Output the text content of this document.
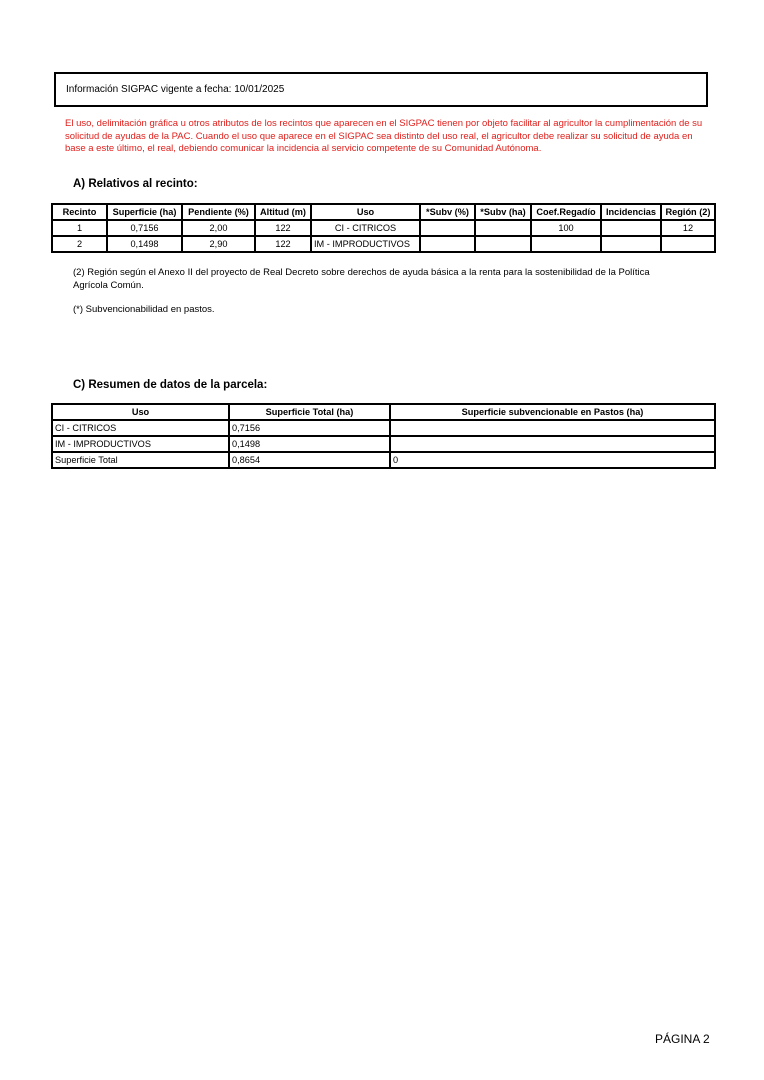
Información SIGPAC vigente a fecha: 10/01/2025
El uso, delimitación gráfica u otros atributos de los recintos que aparecen en el SIGPAC tienen por objeto facilitar al agricultor la cumplimentación de su solicitud de ayudas de la PAC. Cuando el uso que aparece en el SIGPAC sea distinto del uso real, el agricultor debe realizar su solicitud de ayuda en base a este último, el real, debiendo comunicar la incidencia al servicio competente de su Comunidad Autónoma.
A) Relativos al recinto:
Recinto	Superficie (ha)	Pendiente (%)	Altitud (m)	Uso	*Subv (%)	*Subv (ha)	Coef.Regadío	Incidencias	Región (2)
1	0,7156	2,00	122	CI - CITRICOS			100		12
2	0,1498	2,90	122	IM - IMPRODUCTIVOS					
(2) Región según el Anexo II del proyecto de Real Decreto sobre derechos de ayuda básica a la renta para la sostenibilidad de la Política Agrícola Común.
(*) Subvencionabilidad en pastos.
C) Resumen de datos de la parcela:
Uso	Superficie Total (ha)	Superficie subvencionable en Pastos (ha)
CI - CITRICOS	0,7156	
IM - IMPRODUCTIVOS	0,1498	
Superficie Total	0,8654	0
PÁGINA 2
